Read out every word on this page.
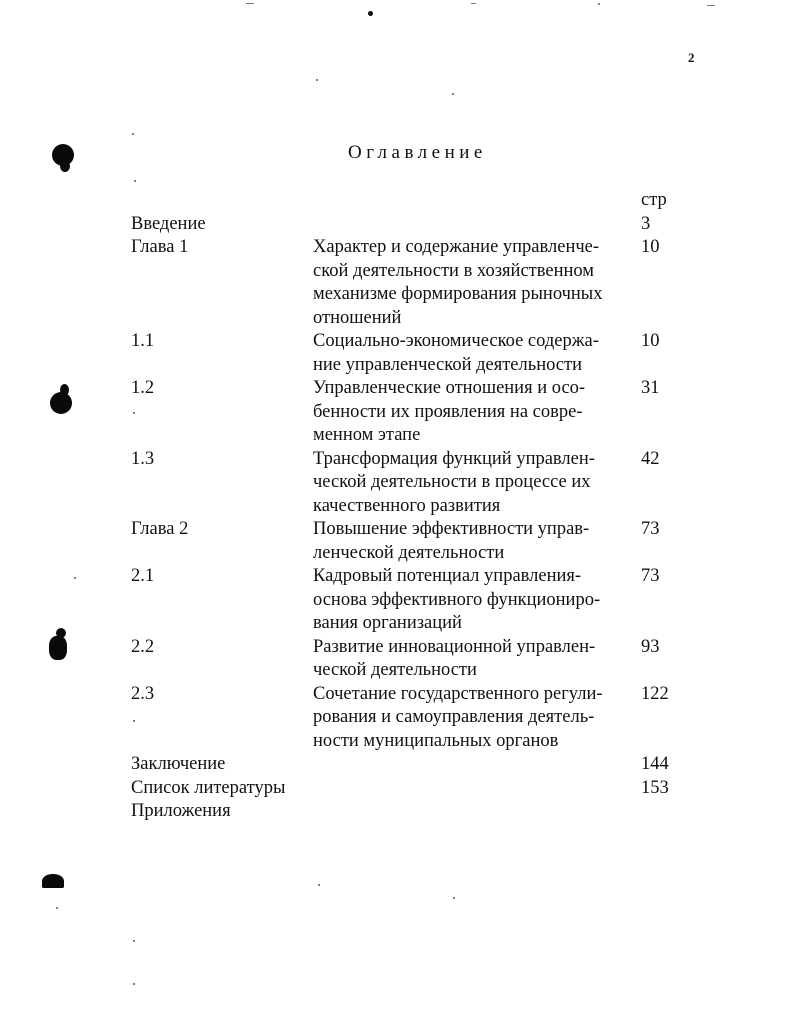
2
Оглавление
		стр
Введение		3
Глава 1	Характер и содержание управленче-
ской деятельности в хозяйственном
механизме формирования рыночных
отношений	10
1.1	Социально-экономическое содержа-
ние управленческой деятельности	10
1.2	Управленческие отношения и осо-
бенности их проявления на совре-
менном этапе	31
1.3	Трансформация функций управлен-
ческой деятельности в процессе их
качественного развития	42
Глава 2	Повышение эффективности управ-
ленческой деятельности	73
2.1	Кадровый потенциал управления-
основа эффективного функциониро-
вания организаций	73
2.2	Развитие инновационной управлен-
ческой деятельности	93
2.3	Сочетание государственного регули-
рования и самоуправления деятель-
ности муниципальных органов	122
Заключение		144
Список литературы		153
Приложения		
